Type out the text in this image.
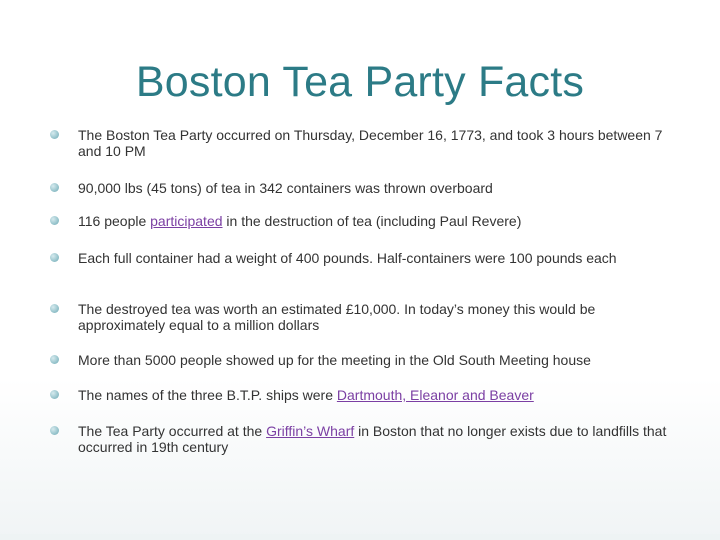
Boston Tea Party Facts
The Boston Tea Party occurred on Thursday, December 16, 1773, and took 3 hours between 7 and 10 PM
90,000 lbs (45 tons) of tea in 342 containers was thrown overboard
116 people participated in the destruction of tea (including Paul Revere)
Each full container had a weight of 400 pounds. Half-containers were 100 pounds each
The destroyed tea was worth an estimated £10,000. In today’s money this would be approximately equal to a million dollars
More than 5000 people showed up for the meeting in the Old South Meeting house
The names of the three B.T.P. ships were Dartmouth, Eleanor and Beaver
The Tea Party occurred at the Griffin’s Wharf in Boston that no longer exists due to landfills that occurred in 19th century
